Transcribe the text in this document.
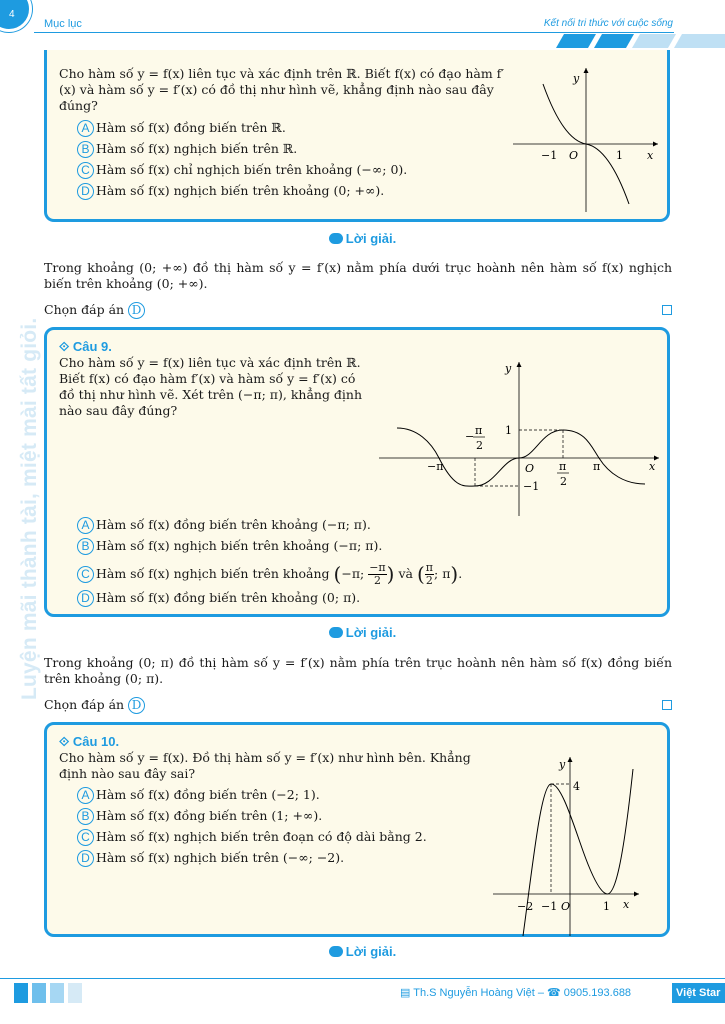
4
Mục lục	Kết nối tri thức với cuộc sống
Luyện mãi thành tài, miệt mài tất giỏi.
Cho hàm số y = f(x) liên tục và xác định trên ℝ. Biết f(x) có đạo hàm f′(x) và hàm số y = f′(x) có đồ thị như hình vẽ, khẳng định nào sau đây đúng?
A Hàm số f(x) đồng biến trên ℝ.
B Hàm số f(x) nghịch biến trên ℝ.
C Hàm số f(x) chỉ nghịch biến trên khoảng (−∞; 0).
D Hàm số f(x) nghịch biến trên khoảng (0; +∞).
y
x
O
−1	1
Lời giải.
Trong khoảng (0; +∞) đồ thị hàm số y = f′(x) nằm phía dưới trục hoành nên hàm số f(x) nghịch biến trên khoảng (0; +∞).
Chọn đáp án D
⟐ Câu 9.
Cho hàm số y = f(x) liên tục và xác định trên ℝ. Biết f(x) có đạo hàm f′(x) và hàm số y = f′(x) có đồ thị như hình vẽ. Xét trên (−π; π), khẳng định nào sau đây đúng?
A Hàm số f(x) đồng biến trên khoảng (−π; π).
B Hàm số f(x) nghịch biến trên khoảng (−π; π).
C Hàm số f(x) nghịch biến trên khoảng (−π; $\frac{-\pi}{2}$ ) và ( $\frac{\pi}{2}$ ; π).
D Hàm số f(x) đồng biến trên khoảng (0; π).
y
x
O
−π	π
1
−1
− π
2
π
2
Lời giải.
Trong khoảng (0; π) đồ thị hàm số y = f′(x) nằm phía trên trục hoành nên hàm số f(x) đồng biến trên khoảng (0; π).
Chọn đáp án D
⟐ Câu 10.
Cho hàm số y = f(x). Đồ thị hàm số y = f′(x) như hình bên. Khẳng định nào sau đây sai?
A Hàm số f(x) đồng biến trên (−2; 1).
B Hàm số f(x) đồng biến trên (1; +∞).
C Hàm số f(x) nghịch biến trên đoạn có độ dài bằng 2.
D Hàm số f(x) nghịch biến trên (−∞; −2).
y
x
4
−2 −1 O	1
Lời giải.
▤ Th.S Nguyễn Hoàng Việt – ☎ 0905.193.688	Việt Star
